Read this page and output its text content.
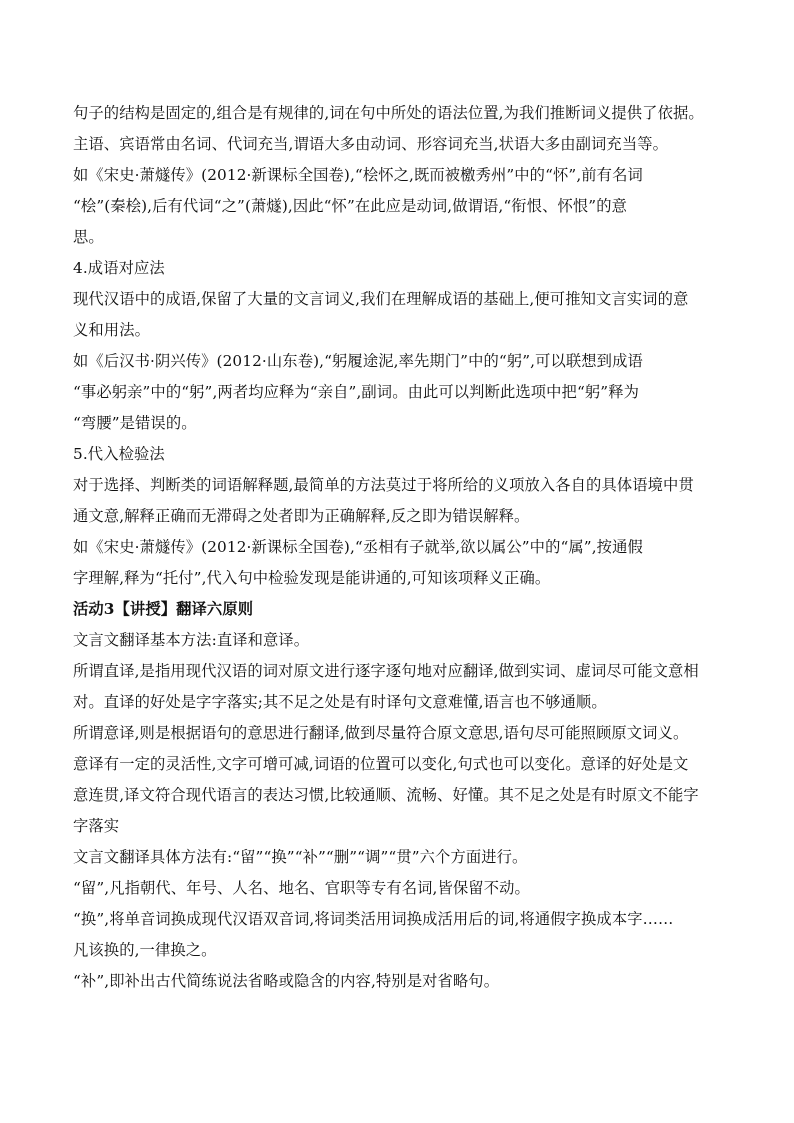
句子的结构是固定的,组合是有规律的,词在句中所处的语法位置,为我们推断词义提供了依据。
主语、宾语常由名词、代词充当,谓语大多由动词、形容词充当,状语大多由副词充当等。
如《宋史·萧燧传》(2012·新课标全国卷),“桧怀之,既而被檄秀州”中的“怀”,前有名词
“桧”(秦桧),后有代词“之”(萧燧),因此“怀”在此应是动词,做谓语,“衔恨、怀恨”的意
思。
4.成语对应法
现代汉语中的成语,保留了大量的文言词义,我们在理解成语的基础上,便可推知文言实词的意
义和用法。
如《后汉书·阴兴传》(2012·山东卷),“躬履途泥,率先期门”中的“躬”,可以联想到成语
“事必躬亲”中的“躬”,两者均应释为“亲自”,副词。由此可以判断此选项中把“躬”释为
“弯腰”是错误的。
5.代入检验法
对于选择、判断类的词语解释题,最简单的方法莫过于将所给的义项放入各自的具体语境中贯
通文意,解释正确而无滞碍之处者即为正确解释,反之即为错误解释。
如《宋史·萧燧传》(2012·新课标全国卷),“丞相有子就举,欲以属公”中的“属”,按通假
字理解,释为“托付”,代入句中检验发现是能讲通的,可知该项释义正确。
活动3【讲授】翻译六原则
文言文翻译基本方法:直译和意译。
所谓直译,是指用现代汉语的词对原文进行逐字逐句地对应翻译,做到实词、虚词尽可能文意相
对。直译的好处是字字落实;其不足之处是有时译句文意难懂,语言也不够通顺。
所谓意译,则是根据语句的意思进行翻译,做到尽量符合原文意思,语句尽可能照顾原文词义。
意译有一定的灵活性,文字可增可减,词语的位置可以变化,句式也可以变化。意译的好处是文
意连贯,译文符合现代语言的表达习惯,比较通顺、流畅、好懂。其不足之处是有时原文不能字
字落实
文言文翻译具体方法有:“留”“换”“补”“删”“调”“贯”六个方面进行。
“留”,凡指朝代、年号、人名、地名、官职等专有名词,皆保留不动。
“换”,将单音词换成现代汉语双音词,将词类活用词换成活用后的词,将通假字换成本字……
凡该换的,一律换之。
“补”,即补出古代简练说法省略或隐含的内容,特别是对省略句。
